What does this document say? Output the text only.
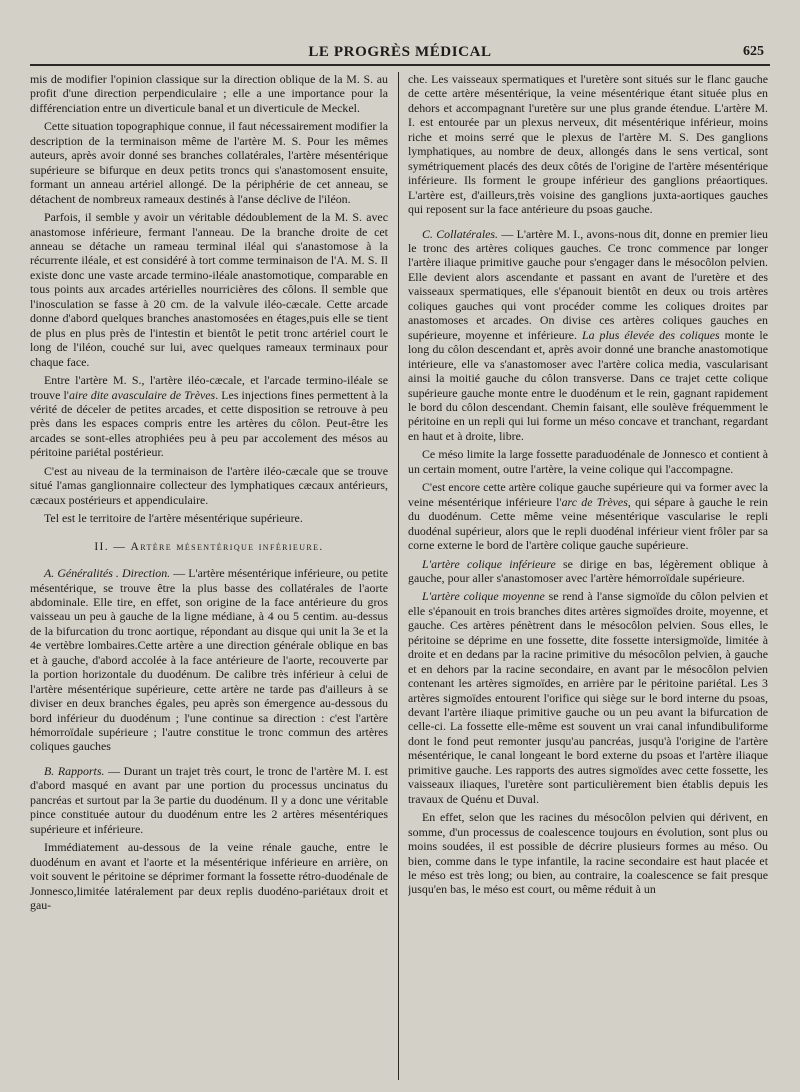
LE PROGRÈS MÉDICAL	625

mis de modifier l'opinion classique sur la direction oblique de la M. S. au profit d'une direction perpendiculaire ; elle a une importance pour la différenciation entre un diverticule banal et un diverticule de Meckel.

Cette situation topographique connue, il faut nécessairement modifier la description de la terminaison même de l'artère M. S. Pour les mêmes auteurs, après avoir donné ses branches collatérales, l'artère mésentérique supérieure se bifurque en deux petits troncs qui s'anastomosent ensuite, formant un anneau artériel allongé. De la périphérie de cet anneau, se détachent de nombreux rameaux destinés à l'anse déclive de l'iléon.

Parfois, il semble y avoir un véritable dédoublement de la M. S. avec anastomose inférieure, fermant l'anneau. De la branche droite de cet anneau se détache un rameau terminal iléal qui s'anastomose à la récurrente iléale, et est considéré à tort comme terminaison de l'A. M. S. Il existe donc une vaste arcade termino-iléale anastomotique, comparable en tous points aux arcades artérielles nourricières des côlons. Il semble que l'inosculation se fasse à 20 cm. de la valvule iléo-cæcale. Cette arcade donne d'abord quelques branches anastomosées en étages,puis elle se tient de plus en plus près de l'intestin et bientôt le petit tronc artériel court le long de l'iléon, couché sur lui, avec quelques rameaux terminaux pour chaque face.

Entre l'artère M. S., l'artère iléo-cæcale, et l'arcade termino-iléale se trouve l'aire dite avasculaire de Trèves. Les injections fines permettent à la vérité de déceler de petites arcades, et cette disposition se retrouve à peu près dans les espaces compris entre les artères du côlon. Peut-être les arcades se sont-elles atrophiées peu à peu par accolement des mésos au péritoine pariétal postérieur.

C'est au niveau de la terminaison de l'artère iléo-cæcale que se trouve situé l'amas ganglionnaire collecteur des lymphatiques cæcaux antérieurs, cæcaux postérieurs et appendiculaire.

Tel est le territoire de l'artère mésentérique supérieure.

II. — Artère mésentérique inférieure.

A. Généralités . Direction. — L'artère mésentérique inférieure, ou petite mésentérique, se trouve être la plus basse des collatérales de l'aorte abdominale. Elle tire, en effet, son origine de la face antérieure du gros vaisseau un peu à gauche de la ligne médiane, à 4 ou 5 centim. au-dessus de la bifurcation du tronc aortique, répondant au disque qui unit la 3e et la 4e vertèbre lombaires.Cette artère a une direction générale oblique en bas et à gauche, d'abord accolée à la face antérieure de l'aorte, recouverte par la portion horizontale du duodénum. De calibre très inférieur à celui de l'artère mésentérique supérieure, cette artère ne tarde pas d'ailleurs à se diviser en deux branches égales, peu après son émergence au-dessous du bord inférieur du duodénum ; l'une continue sa direction : c'est l'artère hémorroïdale supérieure ; l'autre constitue le tronc commun des artères coliques gauches

B. Rapports. — Durant un trajet très court, le tronc de l'artère M. I. est d'abord masqué en avant par une portion du processus uncinatus du pancréas et surtout par la 3e partie du duodénum. Il y a donc une véritable pince constituée autour du duodénum entre les 2 artères mésentériques supérieure et inférieure.

Immédiatement au-dessous de la veine rénale gauche, entre le duodénum en avant et l'aorte et la mésentérique inférieure en arrière, on voit souvent le péritoine se déprimer formant la fossette rétro-duodénale de Jonnesco,limitée latéralement par deux replis duodéno-pariétaux droit et gau-

che. Les vaisseaux spermatiques et l'uretère sont situés sur le flanc gauche de cette artère mésentérique, la veine mésentérique étant située plus en dehors et accompagnant l'uretère sur une plus grande étendue. L'artère M. I. est entourée par un plexus nerveux, dit mésentérique inférieur, moins riche et moins serré que le plexus de l'artère M. S. Des ganglions lymphatiques, au nombre de deux, allongés dans le sens vertical, sont symétriquement placés des deux côtés de l'origine de l'artère mésentérique inférieure. Ils forment le groupe inférieur des ganglions préaortiques. L'artère est, d'ailleurs,très voisine des ganglions juxta-aortiques gauches qui reposent sur la face antérieure du psoas gauche.

C. Collatérales. — L'artère M. I., avons-nous dit, donne en premier lieu le tronc des artères coliques gauches. Ce tronc commence par longer l'artère iliaque primitive gauche pour s'engager dans le mésocôlon pelvien. Elle devient alors ascendante et passant en avant de l'uretère et des vaisseaux spermatiques, elle s'épanouit bientôt en deux ou trois artères coliques gauches qui vont procéder comme les coliques droites par anastomoses et arcades. On divise ces artères coliques gauches en supérieure, moyenne et inférieure. La plus élevée des coliques monte le long du côlon descendant et, après avoir donné une branche anastomotique intérieure, elle va s'anastomoser avec l'artère colica media, vascularisant ainsi la moitié gauche du côlon transverse. Dans ce trajet cette colique supérieure gauche monte entre le duodénum et le rein, gagnant rapidement le bord du côlon descendant. Chemin faisant, elle soulève fréquemment le péritoine en un repli qui lui forme un méso concave et tranchant, regardant en haut et à droite, libre.

Ce méso limite la large fossette paraduodénale de Jonnesco et contient à un certain moment, outre l'artère, la veine colique qui l'accompagne.

C'est encore cette artère colique gauche supérieure qui va former avec la veine mésentérique inférieure l'arc de Trèves, qui sépare à gauche le rein du duodénum. Cette même veine mésentérique vascularise le repli duodénal supérieur, alors que le repli duodénal inférieur vient frôler par sa corne externe le bord de l'artère colique gauche supérieure.

L'artère colique inférieure se dirige en bas, légèrement oblique à gauche, pour aller s'anastomoser avec l'artère hémorroïdale supérieure.

L'artère colique moyenne se rend à l'anse sigmoïde du côlon pelvien et elle s'épanouit en trois branches dites artères sigmoïdes droite, moyenne, et gauche. Ces artères pénètrent dans le mésocôlon pelvien. Sous elles, le péritoine se déprime en une fossette, dite fossette intersigmoïde, limitée à droite et en dedans par la racine primitive du mésocôlon pelvien, à gauche et en dehors par la racine secondaire, en avant par le mésocôlon pelvien contenant les artères sigmoïdes, en arrière par le péritoine pariétal. Les 3 artères sigmoïdes entourent l'orifice qui siège sur le bord interne du psoas, devant l'artère iliaque primitive gauche ou un peu avant la bifurcation de celle-ci. La fossette elle-même est souvent un vrai canal infundibuliforme dont le fond peut remonter jusqu'au pancréas, jusqu'à l'origine de l'artère mésentérique, le canal longeant le bord externe du psoas et l'artère iliaque primitive gauche. Les rapports des autres sigmoïdes avec cette fossette, les vaisseaux iliaques, l'uretère sont particulièrement bien établis depuis les travaux de Quénu et Duval.

En effet, selon que les racines du mésocôlon pelvien qui dérivent, en somme, d'un processus de coalescence toujours en évolution, sont plus ou moins soudées, il est possible de décrire plusieurs formes au méso. Ou bien, comme dans le type infantile, la racine secondaire est haut placée et le méso est très long; ou bien, au contraire, la coalescence se fait presque jusqu'en bas, le méso est court, ou même réduit à un
